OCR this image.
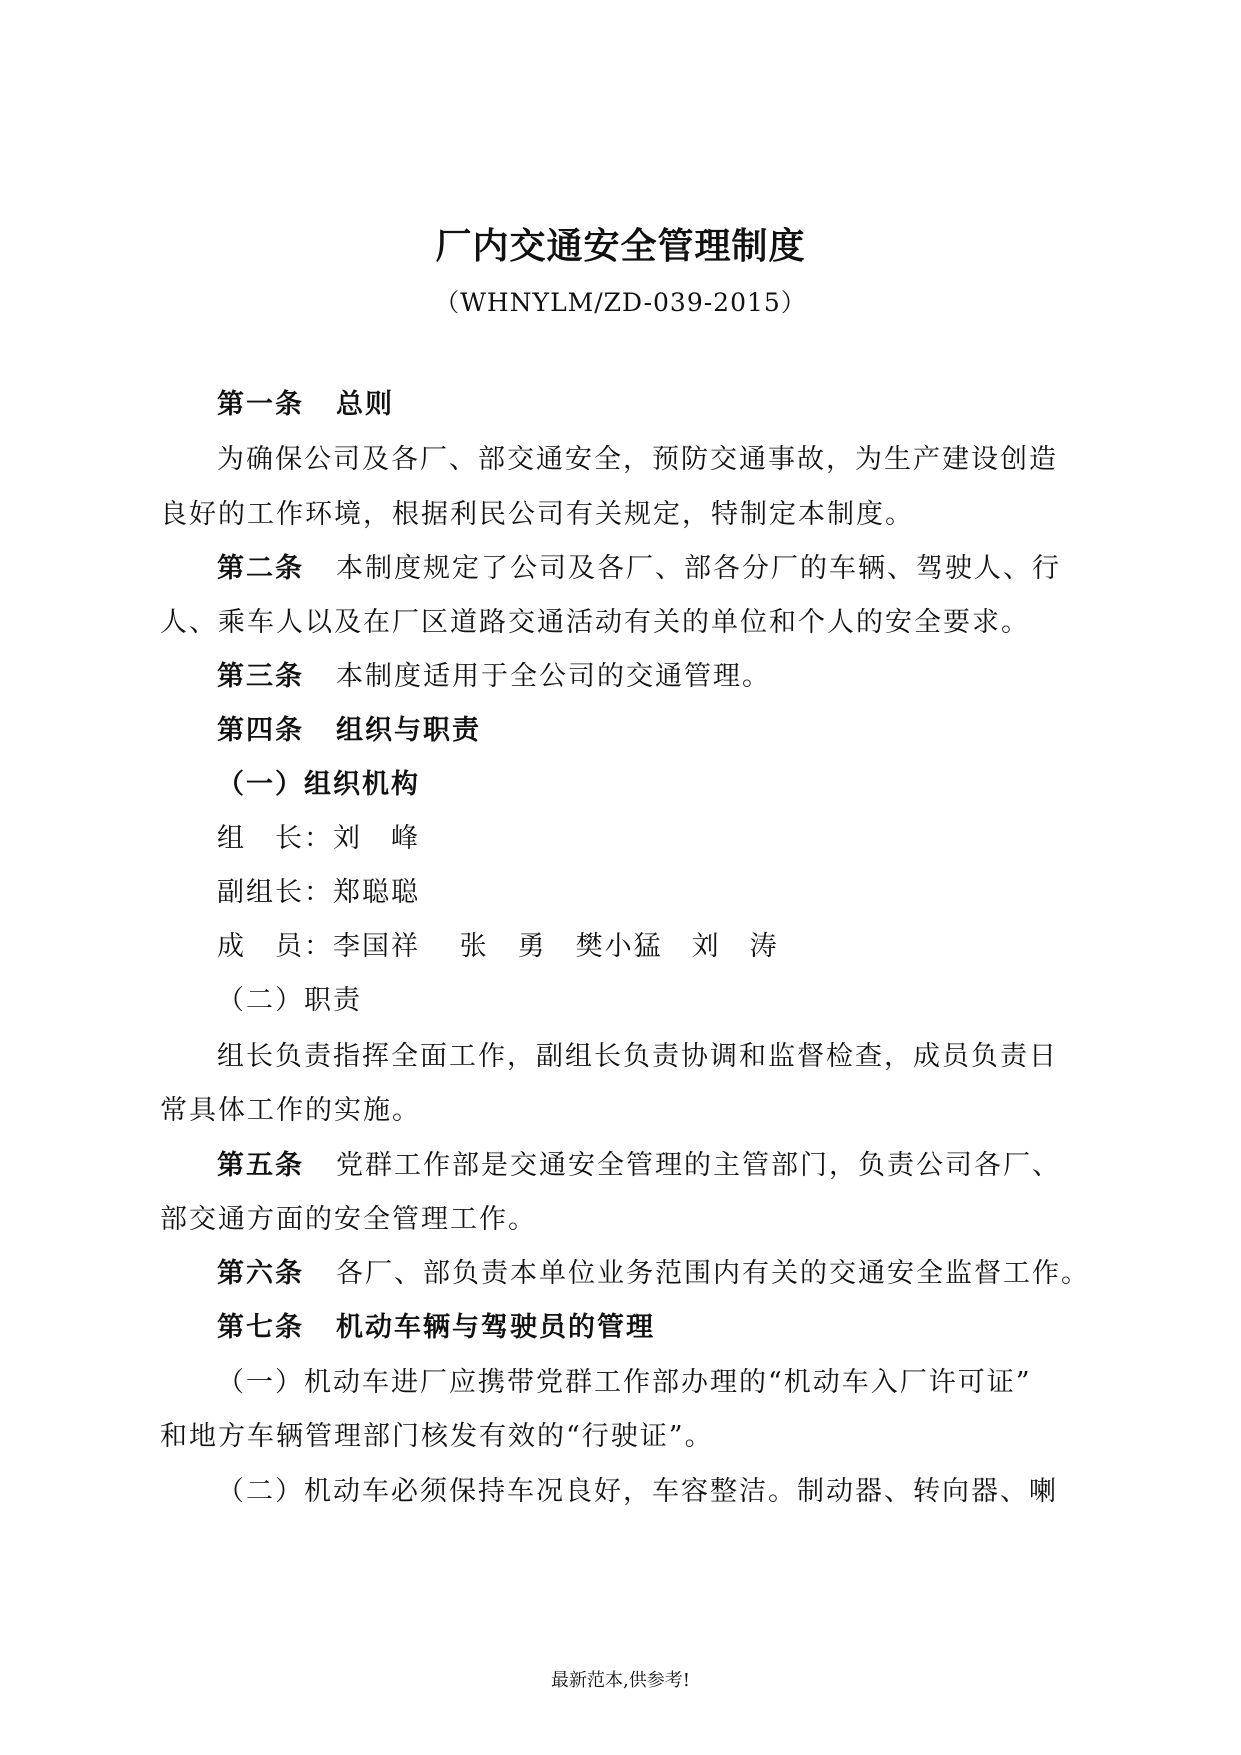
厂内交通安全管理制度
（WHNYLM/ZD-039-2015）
第一条 总则
为确保公司及各厂、部交通安全，预防交通事故，为生产建设创造
良好的工作环境，根据利民公司有关规定，特制定本制度。
第二条 本制度规定了公司及各厂、部各分厂的车辆、驾驶人、行
人、乘车人以及在厂区道路交通活动有关的单位和个人的安全要求。
第三条 本制度适用于全公司的交通管理。
第四条 组织与职责
（一）组织机构
组　长：刘　峰
副组长：郑聪聪
成　员：李国祥　 张　勇　樊小猛　刘　涛
（二）职责
组长负责指挥全面工作，副组长负责协调和监督检查，成员负责日
常具体工作的实施。
第五条 党群工作部是交通安全管理的主管部门，负责公司各厂、
部交通方面的安全管理工作。
第六条 各厂、部负责本单位业务范围内有关的交通安全监督工作。
第七条 机动车辆与驾驶员的管理
（一）机动车进厂应携带党群工作部办理的“机动车入厂许可证”
和地方车辆管理部门核发有效的“行驶证”。
（二）机动车必须保持车况良好，车容整洁。制动器、转向器、喇
最新范本,供参考!
